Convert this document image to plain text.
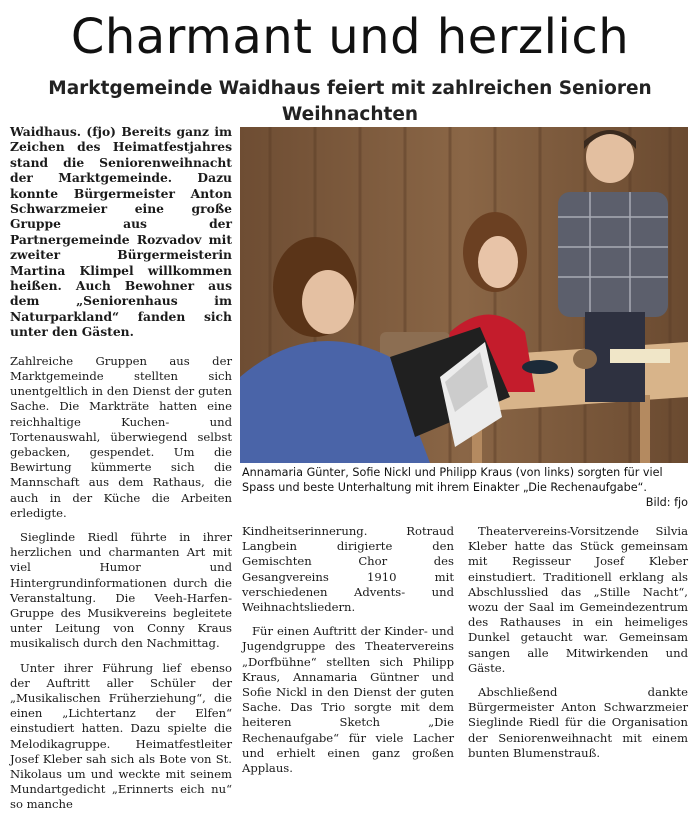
Charmant und herzlich
Marktgemeinde Waidhaus feiert mit zahlreichen Senioren Weihnachten

Waidhaus. (fjo) Bereits ganz im Zeichen des Heimatfestjahres stand die Seniorenweihnacht der Marktgemeinde. Dazu konnte Bürgermeister Anton Schwarzmeier eine große Gruppe aus der Partnergemeinde Rozvadov mit zweiter Bürgermeisterin Martina Klimpel willkommen heißen. Auch Bewohner aus dem „Seniorenhaus im Naturparkland“ fanden sich unter den Gästen.

Zahlreiche Gruppen aus der Marktgemeinde stellten sich unentgeltlich in den Dienst der guten Sache. Die Markträte hatten eine reichhaltige Kuchen- und Tortenauswahl, überwiegend selbst gebacken, gespendet. Um die Bewirtung kümmerte sich die Mannschaft aus dem Rathaus, die auch in der Küche die Arbeiten erledigte.

Sieglinde Riedl führte in ihrer herzlichen und charmanten Art mit viel Humor und Hintergrundinformationen durch die Veranstaltung. Die Veeh-Harfen-Gruppe des Musikvereins begleitete unter Leitung von Conny Kraus musikalisch durch den Nachmittag.

Unter ihrer Führung lief ebenso der Auftritt aller Schüler der „Musikalischen Früherziehung“, die einen „Lichtertanz der Elfen“ einstudiert hatten. Dazu spielte die Melodikagruppe. Heimatfestleiter Josef Kleber sah sich als Bote von St. Nikolaus um und weckte mit seinem Mundartgedicht „Erinnerts eich nu“ so manche

Annamaria Günter, Sofie Nickl und Philipp Kraus (von links) sorgten für viel Spass und beste Unterhaltung mit ihrem Einakter „Die Rechenaufgabe“.

Bild: fjo

Kindheitserinnerung. Rotraud Langbein dirigierte den Gemischten Chor des Gesangvereins 1910 mit verschiedenen Advents- und Weihnachtsliedern.

Für einen Auftritt der Kinder- und Jugendgruppe des Theatervereins „Dorfbühne“ stellten sich Philipp Kraus, Annamaria Güntner und Sofie Nickl in den Dienst der guten Sache. Das Trio sorgte mit dem heiteren Sketch „Die Rechenaufgabe“ für viele Lacher und erhielt einen ganz großen Applaus.

Theatervereins-Vorsitzende Silvia Kleber hatte das Stück gemeinsam mit Regisseur Josef Kleber einstudiert. Traditionell erklang als Abschlusslied das „Stille Nacht“, wozu der Saal im Gemeindezentrum des Rathauses in ein heimeliges Dunkel getaucht war. Gemeinsam sangen alle Mitwirkenden und Gäste.

Abschließend dankte Bürgermeister Anton Schwarzmeier Sieglinde Riedl für die Organisation der Seniorenweihnacht mit einem bunten Blumenstrauß.
